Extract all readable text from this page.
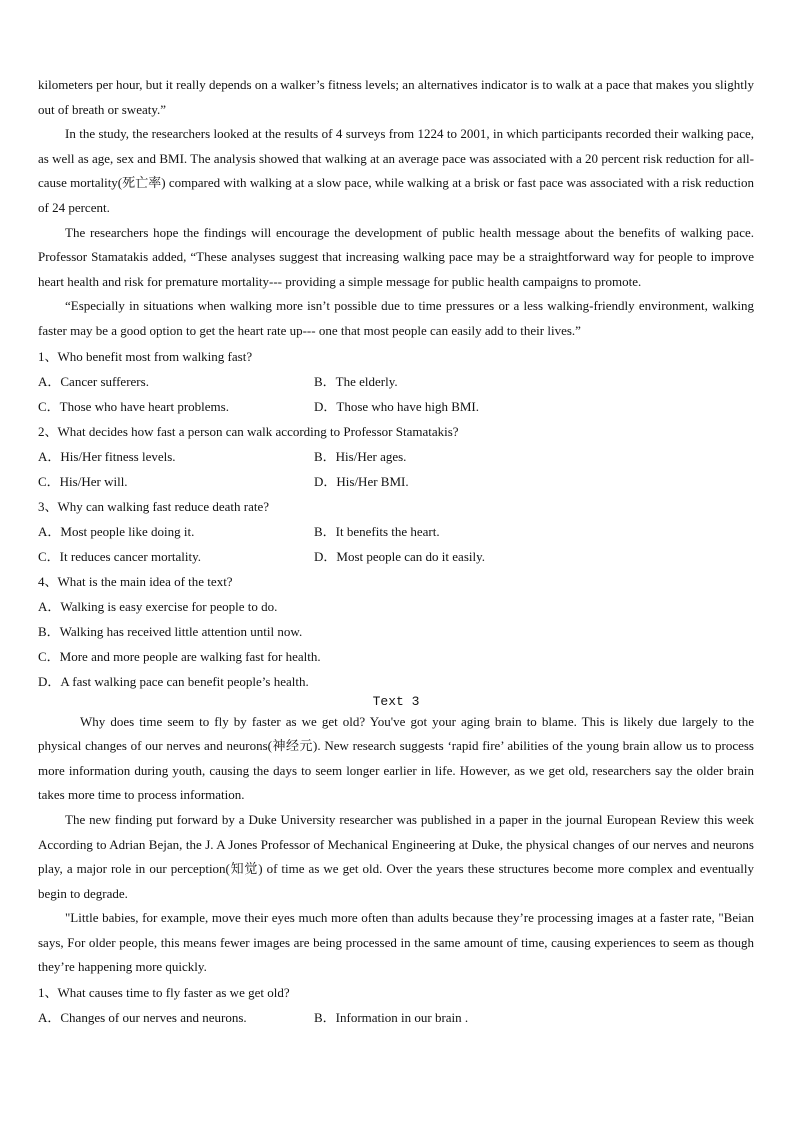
kilometers per hour, but it really depends on a walker’s fitness levels; an alternatives indicator is to walk at a pace that makes you slightly out of breath or sweaty.”
In the study, the researchers looked at the results of 4 surveys from 1224 to 2001, in which participants recorded their walking pace, as well as age, sex and BMI. The analysis showed that walking at an average pace was associated with a 20 percent risk reduction for all-cause mortality(死亡率) compared with walking at a slow pace, while walking at a brisk or fast pace was associated with a risk reduction of 24 percent.
The researchers hope the findings will encourage the development of public health message about the benefits of walking pace. Professor Stamatakis added, “These analyses suggest that increasing walking pace may be a straightforward way for people to improve heart health and risk for premature mortality--- providing a simple message for public health campaigns to promote.
“Especially in situations when walking more isn’t possible due to time pressures or a less walking-friendly environment, walking faster may be a good option to get the heart rate up--- one that most people can easily add to their lives.”
1、Who benefit most from walking fast?
A．Cancer sufferers.	B．The elderly.
C．Those who have heart problems.	D．Those who have high BMI.
2、What decides how fast a person can walk according to Professor Stamatakis?
A．His/Her fitness levels.	B．His/Her ages.
C．His/Her will.	D．His/Her BMI.
3、Why can walking fast reduce death rate?
A．Most people like doing it.	B．It benefits the heart.
C．It reduces cancer mortality.	D．Most people can do it easily.
4、What is the main idea of the text?
A．Walking is easy exercise for people to do.
B．Walking has received little attention until now.
C．More and more people are walking fast for health.
D．A fast walking pace can benefit people’s health.
Text 3
Why does time seem to fly by faster as we get old? You've got your aging brain to blame. This is likely due largely to the physical changes of our nerves and neurons(神经元). New research suggests ‘rapid fire’ abilities of the young brain allow us to process more information during youth, causing the days to seem longer earlier in life. However, as we get old, researchers say the older brain takes more time to process information.
The new finding put forward by a Duke University researcher was published in a paper in the journal European Review this week According to Adrian Bejan, the J. A Jones Professor of Mechanical Engineering at Duke, the physical changes of our nerves and neurons play, a major role in our perception(知觉) of time as we get old. Over the years these structures become more complex and eventually begin to degrade.
"Little babies, for example, move their eyes much more often than adults because they’re processing images at a faster rate, "Beian says, For older people, this means fewer images are being processed in the same amount of time, causing experiences to seem as though they’re happening more quickly.
1、What causes time to fly faster as we get old?
A．Changes of our nerves and neurons.	B．Information in our brain .
